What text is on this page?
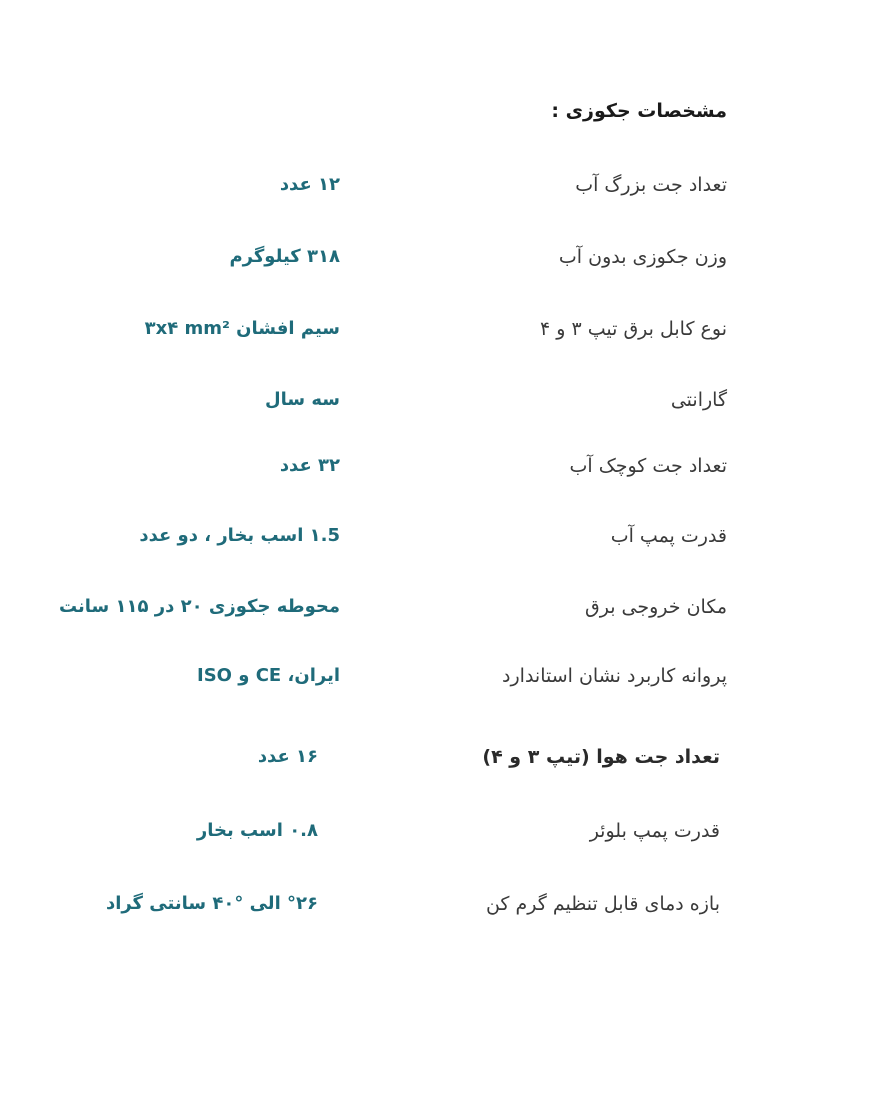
مشخصات جکوزی :
تعداد جت بزرگ آب
۱۲ عدد
وزن جکوزی بدون آب
۳۱۸ کیلوگرم
نوع کابل برق تیپ ۳ و ۴
سیم افشان ۳x۴ mm²
گارانتی
سه سال
تعداد جت کوچک آب
۳۲ عدد
قدرت پمپ آب
۱.5 اسب بخار ، دو عدد
مکان خروجی برق
محوطه جکوزی ۲۰ در ۱۱۵ سانت
پروانه کاربرد نشان استاندارد
ایران، CE و ISO
تعداد جت هوا (تیپ ۳ و ۴)
۱۶ عدد
قدرت پمپ بلوئر
۰.۸ اسب بخار
بازه دمای قابل تنظیم گرم کن
°۲۶ الی °۴۰ سانتی گراد
